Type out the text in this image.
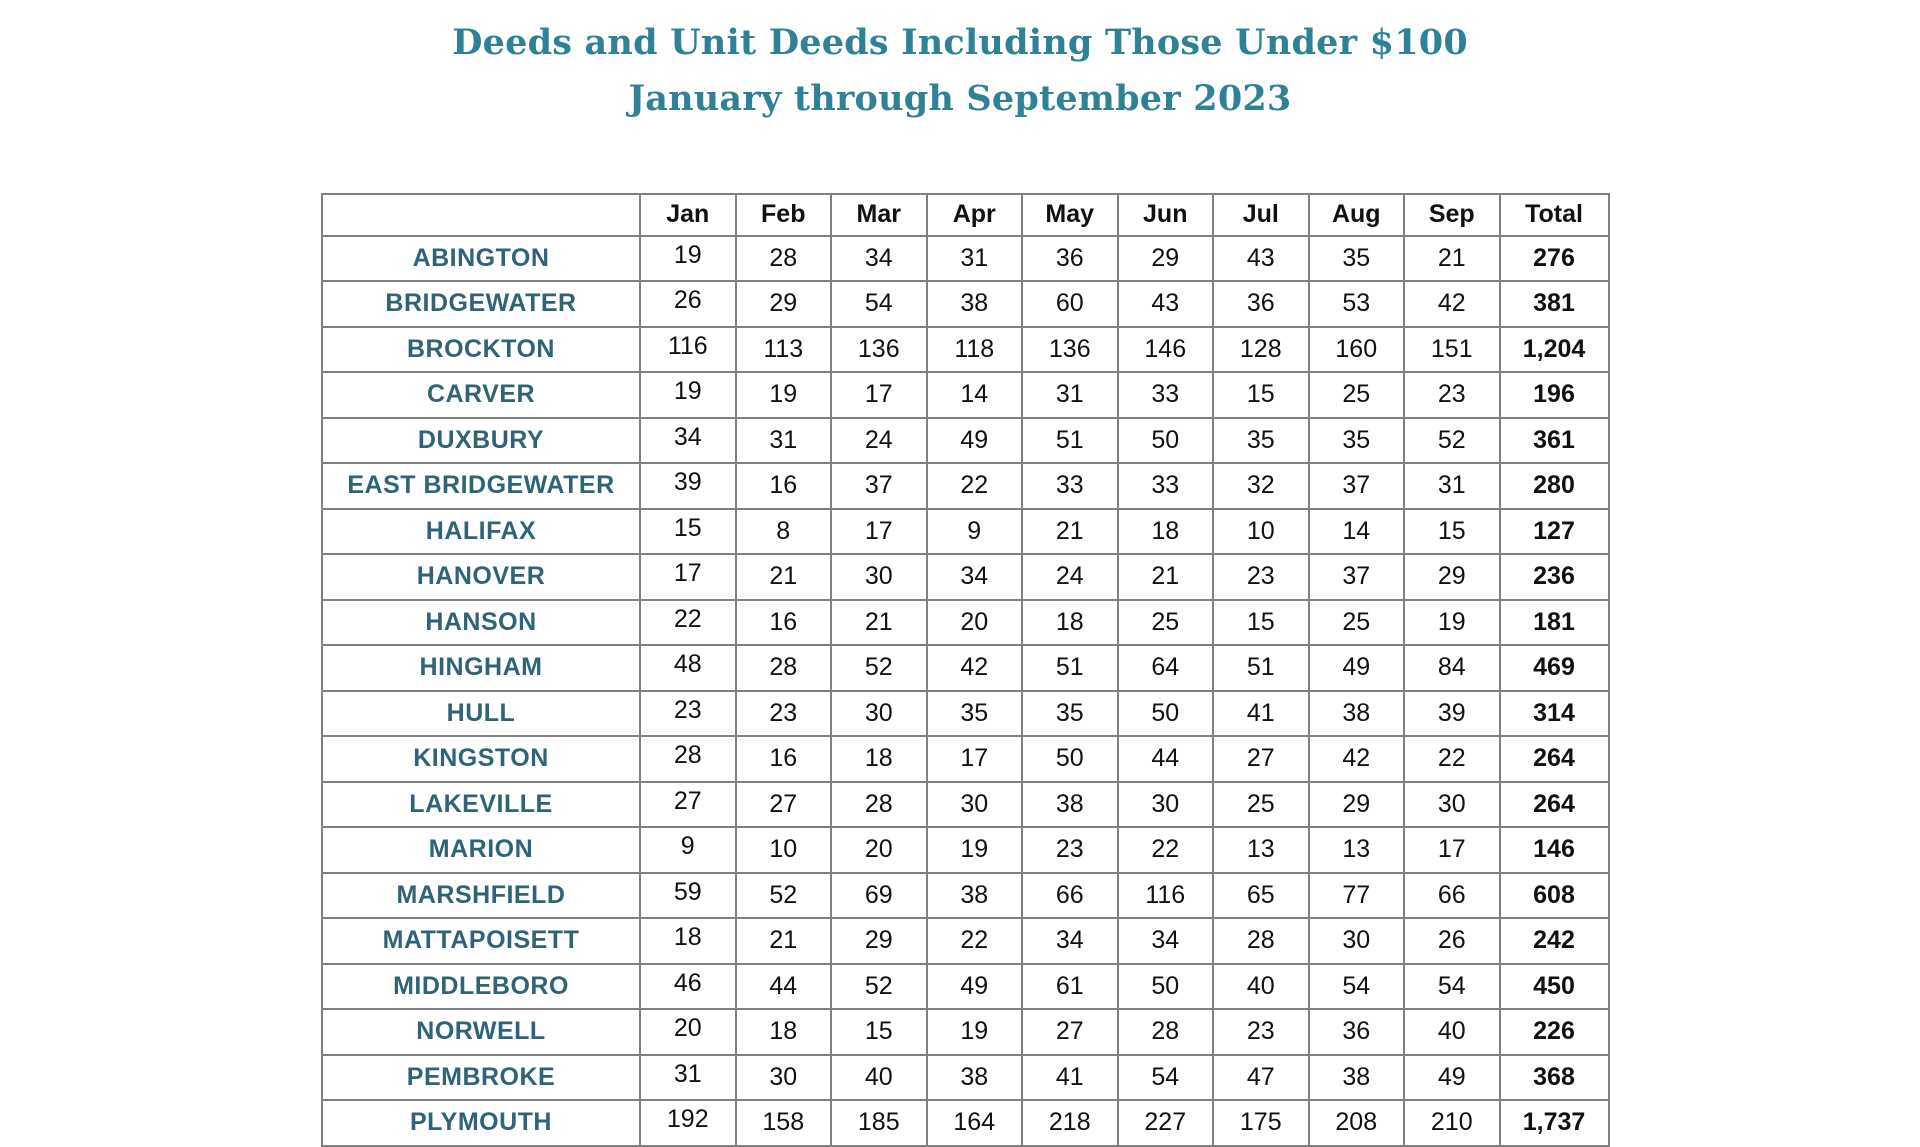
Deeds and Unit Deeds Including Those Under $100
January through September 2023
	Jan	Feb	Mar	Apr	May	Jun	Jul	Aug	Sep	Total
ABINGTON	19	28	34	31	36	29	43	35	21	276
BRIDGEWATER	26	29	54	38	60	43	36	53	42	381
BROCKTON	116	113	136	118	136	146	128	160	151	1,204
CARVER	19	19	17	14	31	33	15	25	23	196
DUXBURY	34	31	24	49	51	50	35	35	52	361
EAST BRIDGEWATER	39	16	37	22	33	33	32	37	31	280
HALIFAX	15	8	17	9	21	18	10	14	15	127
HANOVER	17	21	30	34	24	21	23	37	29	236
HANSON	22	16	21	20	18	25	15	25	19	181
HINGHAM	48	28	52	42	51	64	51	49	84	469
HULL	23	23	30	35	35	50	41	38	39	314
KINGSTON	28	16	18	17	50	44	27	42	22	264
LAKEVILLE	27	27	28	30	38	30	25	29	30	264
MARION	9	10	20	19	23	22	13	13	17	146
MARSHFIELD	59	52	69	38	66	116	65	77	66	608
MATTAPOISETT	18	21	29	22	34	34	28	30	26	242
MIDDLEBORO	46	44	52	49	61	50	40	54	54	450
NORWELL	20	18	15	19	27	28	23	36	40	226
PEMBROKE	31	30	40	38	41	54	47	38	49	368
PLYMOUTH	192	158	185	164	218	227	175	208	210	1,737
